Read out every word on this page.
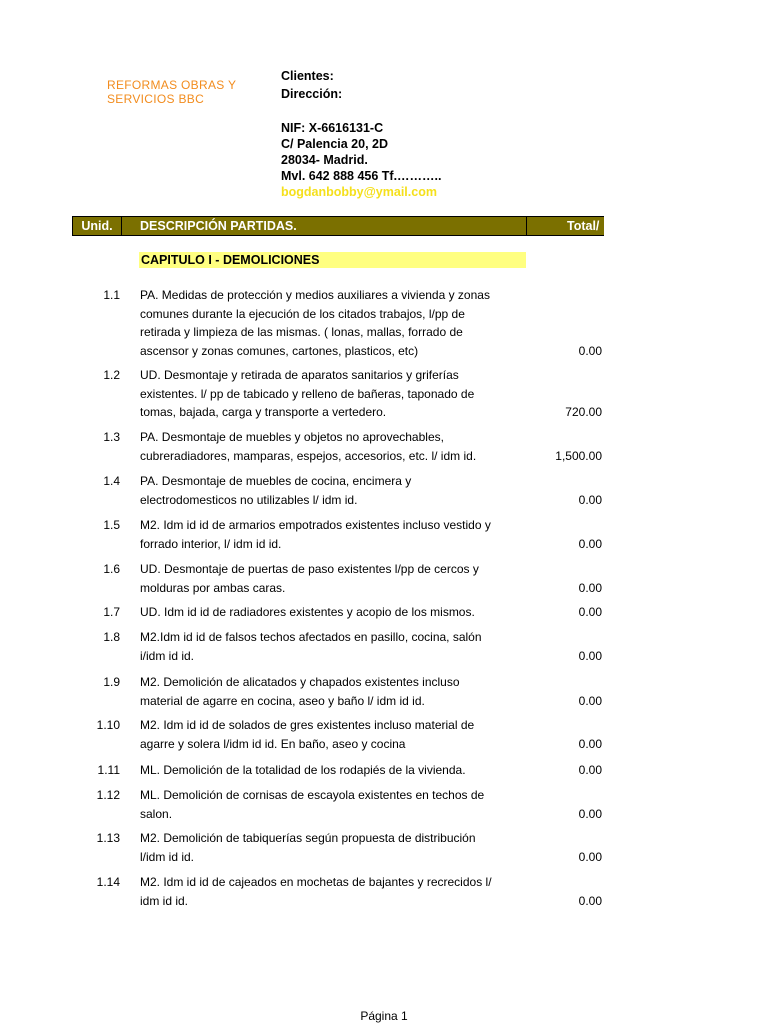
REFORMAS OBRAS Y
SERVICIOS BBC
Clientes:
Dirección:
NIF: X-6616131-C
C/ Palencia 20, 2D
28034- Madrid.
Mvl. 642 888 456 Tf.………..
bogdanbobby@ymail.com
Unid.	DESCRIPCIÓN PARTIDAS.	Total/
CAPITULO I - DEMOLICIONES
1.1 PA. Medidas de protección y medios auxiliares a vivienda y zonas
comunes durante la ejecución de los citados trabajos, l/pp de
retirada y limpieza de las mismas. ( lonas, mallas, forrado de
ascensor y zonas comunes, cartones, plasticos, etc)	0.00
1.2 UD. Desmontaje y retirada de aparatos sanitarios y griferías
existentes. l/ pp de tabicado y relleno de bañeras, taponado de
tomas, bajada, carga y transporte a vertedero.	720.00
1.3 PA. Desmontaje de muebles y objetos no aprovechables,
cubreradiadores, mamparas, espejos, accesorios, etc. l/ idm id.	1,500.00
1.4 PA. Desmontaje de muebles de cocina, encimera y
electrodomesticos no utilizables l/ idm id.	0.00
1.5 M2. Idm id id de armarios empotrados existentes incluso vestido y
forrado interior, l/ idm id id.	0.00
1.6 UD. Desmontaje de puertas de paso existentes l/pp de cercos y
molduras por ambas caras.	0.00
1.7 UD. Idm id id de radiadores existentes y acopio de los mismos.	0.00
1.8 M2.Idm id id de falsos techos afectados en pasillo, cocina, salón
i/idm id id.	0.00
1.9 M2. Demolición de alicatados y chapados existentes incluso
material de agarre en cocina, aseo y baño l/ idm id id.	0.00
1.10 M2. Idm id id de solados de gres existentes incluso material de
agarre y solera l/idm id id. En baño, aseo y cocina	0.00
1.11 ML. Demolición de la totalidad de los rodapiés de la vivienda.	0.00
1.12 ML. Demolición de cornisas de escayola existentes en techos de
salon.	0.00
1.13 M2. Demolición de tabiquerías según propuesta de distribución
l/idm id id.	0.00
1.14 M2. Idm id id de cajeados en mochetas de bajantes y recrecidos l/
idm id id.	0.00
Página 1
